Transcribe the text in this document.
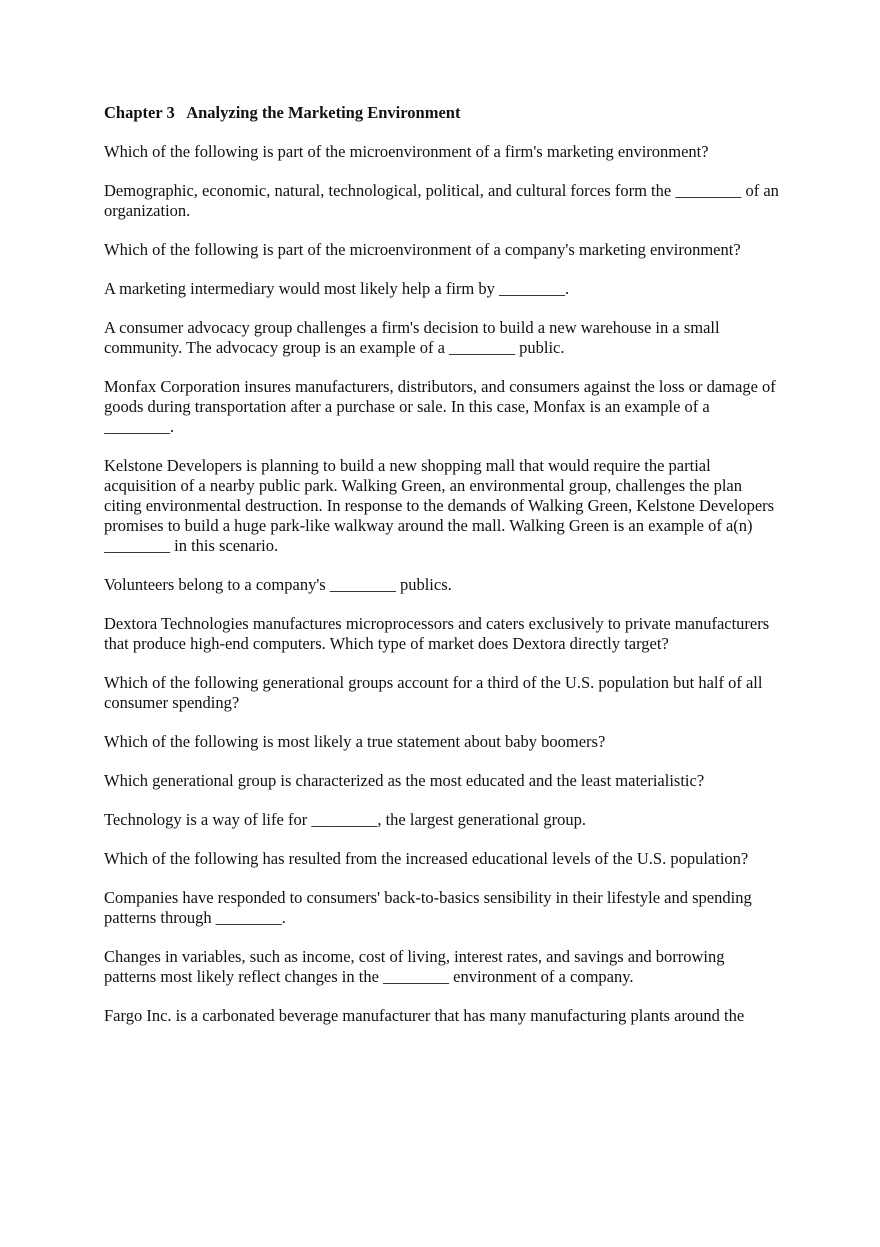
Chapter 3   Analyzing the Marketing Environment
Which of the following is part of the microenvironment of a firm's marketing environment?
Demographic, economic, natural, technological, political, and cultural forces form the ________ of an organization.
Which of the following is part of the microenvironment of a company's marketing environment?
A marketing intermediary would most likely help a firm by ________.
A consumer advocacy group challenges a firm's decision to build a new warehouse in a small community. The advocacy group is an example of a ________ public.
Monfax Corporation insures manufacturers, distributors, and consumers against the loss or damage of goods during transportation after a purchase or sale. In this case, Monfax is an example of a ________.
Kelstone Developers is planning to build a new shopping mall that would require the partial acquisition of a nearby public park. Walking Green, an environmental group, challenges the plan citing environmental destruction. In response to the demands of Walking Green, Kelstone Developers promises to build a huge park-like walkway around the mall. Walking Green is an example of a(n) ________ in this scenario.
Volunteers belong to a company's ________ publics.
Dextora Technologies manufactures microprocessors and caters exclusively to private manufacturers that produce high-end computers. Which type of market does Dextora directly target?
Which of the following generational groups account for a third of the U.S. population but half of all consumer spending?
Which of the following is most likely a true statement about baby boomers?
Which generational group is characterized as the most educated and the least materialistic?
Technology is a way of life for ________, the largest generational group.
Which of the following has resulted from the increased educational levels of the U.S. population?
Companies have responded to consumers' back-to-basics sensibility in their lifestyle and spending patterns through ________.
Changes in variables, such as income, cost of living, interest rates, and savings and borrowing patterns most likely reflect changes in the ________ environment of a company.
Fargo Inc. is a carbonated beverage manufacturer that has many manufacturing plants around the
